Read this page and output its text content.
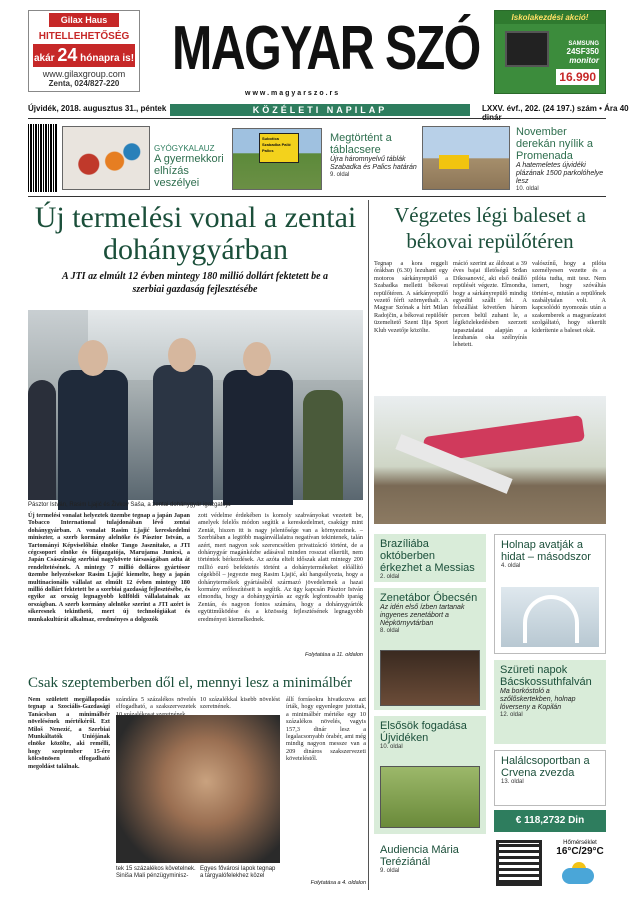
Gilax Haus
HITELLEHETŐSÉG
akár 24 hónapra is!
www.gilaxgroup.com
Zenta, 024/827-220
MAGYAR SZÓ
www.magyarszo.rs
KÖZÉLETI NAPILAP
Iskolakezdési akció!
SAMSUNG
24SF350
monitor
16.990
Újvidék, 2018. augusztus 31., péntek	LXXV. évf., 202. (24 197.) szám • Ára 40
GYÓGYKALAUZ
A gyermekkori elhízás veszélyei
Subotica Szabadka Palić Palics
Megtörtént a táblacsere
Újra háromnyelvű táblák Szabadka és Palics határán
9. oldal
November derekán nyílik a Promenada
A hatemeletes újvidéki plázának 1500 parkolóhelye lesz
10. oldal
Új termelési vonal a zentai dohánygyárban
A JTI az elmúlt 12 évben mintegy 180 millió dollárt fektetett be a szerbiai gazdaság fejlesztésébe
Pásztor István, Rasim Ljajić és Živkov Saša, a zentai dohánygyár igazgatója
Új termelési vonalat helyeztek üzembe tegnap a japán Japan Tobacco International tulajdonában lévő zentai dohánygyárban. A vonalat Rasim Ljajić kereskedelmi miniszter, a szerb kormány alelnöke és Pásztor István, a Tartományi Képviselőház elnöke Tango Jasznitake, a JTI cégcsoport elnöke és főigazgatója, Marujama Junicsi, a Japán Császárság szerbiai nagykövete társaságában adta át rendeltetésének. A mintegy 7 millió dolláros gyártósor üzembe helyezésekor Rasim Ljajić kiemelte, hogy a japán multinacionális vállalat az elmúlt 12 évben mintegy 180 millió dollárt fektetett be a szerbiai gazdaság fejlesztésébe, és egyike az ország legnagyobb külföldi vállalatainak az országban. A szerb kormány alelnöke szerint a JTI azért is sikeresnek tekinthető, mert új technológiákat és munkakultúrát alkalmaz, eredményes a dolgozók
zott védelme érdekében is komoly szabványokat vezetett be, amelyek felelős módon segítik a kereskedelmet, csakúgy mint Zentát, hiszen itt is nagy jelentősége van a környezetnek. – Szerbiában a legtöbb magánvállalatra negatívan tekintenek, talán azért, mert nagyon sok szerencsétlen privatizáció történt, de a dohánygyár magánkézbe adásával minden rosszat elkerült, nem történtek bérkezdések. Az azóta eltelt időszak alatt mintegy 200 millió euró befektetés történt a dohánytermékeket előállító cégekből – jegyezte meg Rasim Ljajić, aki hangsúlyozta, hogy a dohánytermékek gyártásából származó jövedelemek a hazai kormány erőfeszítéseit is segítik. Az ügy kapcsán Pásztor István elmondta, hogy a dohánygyártás az egyik legfontosabb iparág Zentán, és nagyon fontos számára, hogy a dohánygyártók együttműködése és a közösség fejlesztésének legnagyobb eredményei kiemelkednek.
Folytatása a 11. oldalon
Végzetes légi baleset a békovai repülőtéren
Tegnap a kora reggeli órákban (6.30) lezuhant egy motoros sárkányrepülő a Szabadka melletti békovai repülőtéren. A sárkányrepülő vezető férfi szörnyethalt. A Magyar Szónak a hírt Milan Radojčin, a békovai repülőtér üzemeltető Szent Ilija Sport Klub vezetője közölte.
máció szerint az áldozat a 39 éves bajai illetőségű Srđan Dikosanović, aki első önálló repülését végezte. Elmondta, hogy a sárkányrepülő mindig egyedül szállt fel. A felszállást követően három percen belül zuhant le, a légiközlekedésben szerzett tapasztalatai alapján a lezuhanás oka szélnyírás lehetett.
valószínű, hogy a pilóta személyesen vezette és a pilóta tudta, mit tesz. Nem ismert, hogy szóváltás történt-e, miután a repülőnek szabálytalan volt. A kapcsolódó nyomozás után a szakemberek a magyarázatot szolgáltató, hogy sikerült kiderítenie a baleset okát.
Brazíliába októberben érkezhet a Messias
2. oldal
Zenetábor Óbecsén
Az idén első ízben tartanak ingyenes zenetábort a Népkörnyvtárban
8. oldal
Elsősök fogadása Újvidéken
10. oldal
Audiencia Mária Teréziánál
9. oldal
Holnap avatják a hidat – másodszor
4. oldal
Szüreti napok Bácskossuthfalván
Ma borkóstoló a szőlőskertekben, holnap lóverseny a Kopilán
12. oldal
Halálcsoportban a Crvena zvezda
13. oldal
€ 118,2732 Din
Hőmérséklet
16°C/29°C
Csak szeptemberben dől el, mennyi lesz a minimálbér
Nem született megállapodás tegnap a Szociális-Gazdasági Tanácsban a minimálbér növelésének mértékéről. Ezt Miloš Nenezić, a Szerbiai Munkáltatók Uniójának elnöke közölte, aki remélli, hogy szeptember 15-ére kölcsönösen elfogadható megoldást találnak.
szándára 5 százalékos növelés elfogadható, a szakszervezetek
10 százalékkal kisebb növelést szeretnének.
tek 15 százalékos követelnek. Siniša Mali pénzügyminisz-
Egyes fővárosi lapok tegnap a tárgyalófelekhez közel
állí forrásokra hivatkozva azt írták, hogy egyenlegre jutottak, a minimálbér mértéke egy 10 százalékos növelés, vagyis 157,3 dinár lesz a legalacsonyabb órabér, ami még mindig nagyon messze van a 209 dináros szakszervezeti követeléstől.
Folytatása a 4. oldalon
